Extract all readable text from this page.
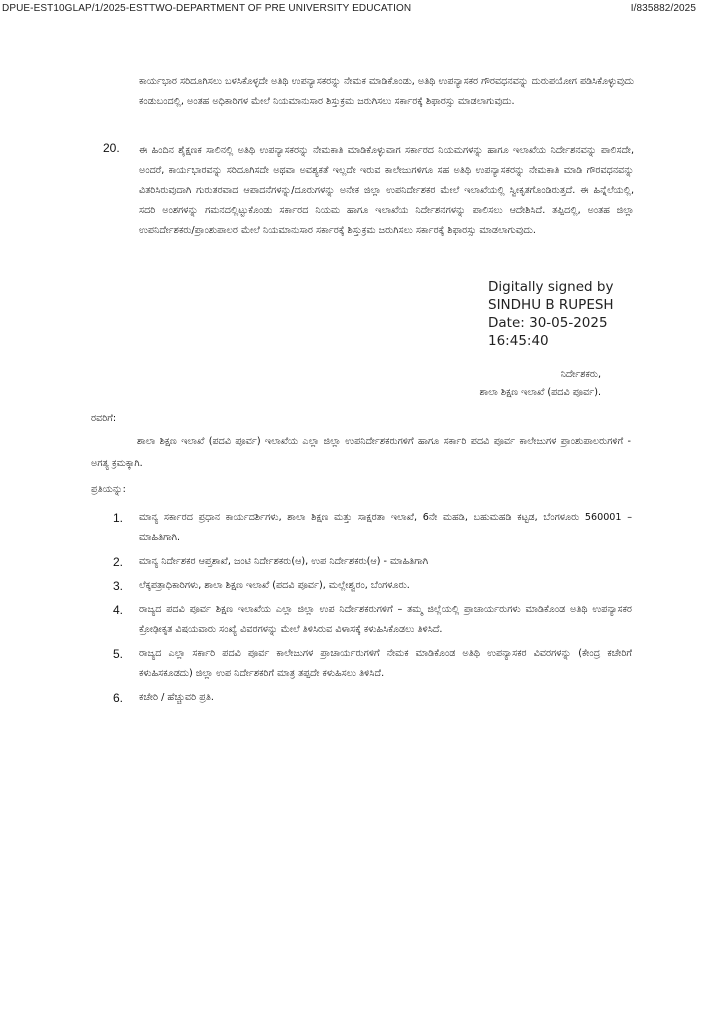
DPUE-EST10GLAP/1/2025-ESTTWO-DEPARTMENT OF PRE UNIVERSITY EDUCATION	I/835882/2025
ಕಾರ್ಯಭಾರ ಸರಿದೂಗಿಸಲು ಬಳಸಿಕೊಳ್ಳದೇ ಅತಿಥಿ ಉಪನ್ಯಾಸಕರನ್ನು ನೇಮಕ ಮಾಡಿಕೊಂಡು, ಅತಿಥಿ ಉಪನ್ಯಾಸಕರ ಗೌರವಧನವನ್ನು ದುರುಪಯೋಗ ಪಡಿಸಿಕೊಳ್ಳುವುದು ಕಂಡುಬಂದಲ್ಲಿ, ಅಂತಹ ಅಧಿಕಾರಿಗಳ ಮೇಲೆ ನಿಯಮಾನುಸಾರ ಶಿಸ್ತುಕ್ರಮ ಜರುಗಿಸಲು ಸರ್ಕಾರಕ್ಕೆ ಶಿಫಾರಸ್ಸು ಮಾಡಲಾಗುವುದು.
20. ಈ ಹಿಂದಿನ ಶೈಕ್ಷಣಕ ಸಾಲಿನಲ್ಲಿ ಅತಿಥಿ ಉಪನ್ಯಾಸಕರನ್ನು ನೇಮಕಾತಿ ಮಾಡಿಕೊಳ್ಳುವಾಗ ಸರ್ಕಾರದ ನಿಯಮಗಳನ್ನು ಹಾಗೂ ಇಲಾಖೆಯ ನಿರ್ದೇಶನವನ್ನು ಪಾಲಿಸದೇ, ಅಂದರೆ, ಕಾರ್ಯಭಾರವನ್ನು ಸರಿದೂಗಿಸದೇ ಅಥವಾ ಅವಶ್ಯಕತೆ ಇಲ್ಲದೇ ಇರುವ ಕಾಲೇಜುಗಳಿಗೂ ಸಹ ಅತಿಥಿ ಉಪನ್ಯಾಸಕರನ್ನು ನೇಮಕಾತಿ ಮಾಡಿ ಗೌರವಧನವನ್ನು ವಿತರಿಸಿರುವುದಾಗಿ ಗುರುತರವಾದ ಆಪಾದನೆಗಳನ್ನು/ದೂರುಗಳನ್ನು ಅನೇಕ ಜಿಲ್ಲಾ ಉಪನಿರ್ದೇಶಕರ ಮೇಲೆ ಇಲಾಖೆಯಲ್ಲಿ ಸ್ವೀಕೃತಗೊಂಡಿರುತ್ತದೆ. ಈ ಹಿನ್ನೆಲೆಯಲ್ಲಿ, ಸದರಿ ಅಂಶಗಳನ್ನು ಗಮನದಲ್ಲಿಟ್ಟುಕೊಂಡು ಸರ್ಕಾರದ ನಿಯಮ ಹಾಗೂ ಇಲಾಖೆಯ ನಿರ್ದೇಶನಗಳನ್ನು ಪಾಲಿಸಲು ಆದೇಶಿಸಿದೆ. ತಪ್ಪಿದಲ್ಲಿ, ಅಂತಹ ಜಿಲ್ಲಾ ಉಪನಿರ್ದೇಶಕರು/ಪ್ರಾಂಶುಪಾಲರ ಮೇಲೆ ನಿಯಮಾನುಸಾರ ಸರ್ಕಾರಕ್ಕೆ ಶಿಸ್ತುಕ್ರಮ ಜರುಗಿಸಲು ಸರ್ಕಾರಕ್ಕೆ ಶಿಫಾರಸ್ಸು ಮಾಡಲಾಗುವುದು.
Digitally signed by
SINDHU B RUPESH
Date: 30-05-2025
16:45:40
ನಿರ್ದೇಶಕರು,
ಶಾಲಾ ಶಿಕ್ಷಣ ಇಲಾಖೆ (ಪದವಿ ಪೂರ್ವ).
ರವರಿಗೆ:
ಶಾಲಾ ಶಿಕ್ಷಣ ಇಲಾಖೆ (ಪದವಿ ಪೂರ್ವ) ಇಲಾಖೆಯ ಎಲ್ಲಾ ಜಿಲ್ಲಾ ಉಪನಿರ್ದೇಶಕರುಗಳಿಗೆ ಹಾಗೂ ಸರ್ಕಾರಿ ಪದವಿ ಪೂರ್ವ ಕಾಲೇಜುಗಳ ಪ್ರಾಂಶುಪಾಲರುಗಳಿಗೆ - ಅಗತ್ಯ ಕ್ರಮಕ್ಕಾಗಿ.
ಪ್ರತಿಯನ್ನು:
1. ಮಾನ್ಯ ಸರ್ಕಾರದ ಪ್ರಧಾನ ಕಾರ್ಯದರ್ಶಿಗಳು, ಶಾಲಾ ಶಿಕ್ಷಣ ಮತ್ತು ಸಾಕ್ಷರತಾ ಇಲಾಖೆ, 6ನೇ ಮಹಡಿ, ಬಹುಮಹಡಿ ಕಟ್ಟಡ, ಬೆಂಗಳೂರು 560001 – ಮಾಹಿತಿಗಾಗಿ.
2. ಮಾನ್ಯ ನಿರ್ದೇಶಕರ ಆಪ್ತಶಾಖೆ, ಜಂಟಿ ನಿರ್ದೇಶಕರು(ಆ), ಉಪ ನಿರ್ದೇಶಕರು(ಆ) - ಮಾಹಿತಿಗಾಗಿ
3. ಲೆಕ್ಕಪತ್ರಾಧಿಕಾರಿಗಳು, ಶಾಲಾ ಶಿಕ್ಷಣ ಇಲಾಖೆ (ಪದವಿ ಪೂರ್ವ), ಮಲ್ಲೇಶ್ವರಂ, ಬೆಂಗಳೂರು.
4. ರಾಜ್ಯದ ಪದವಿ ಪೂರ್ವ ಶಿಕ್ಷಣ ಇಲಾಖೆಯ ಎಲ್ಲಾ ಜಿಲ್ಲಾ ಉಪ ನಿರ್ದೇಶಕರುಗಳಿಗೆ – ತಮ್ಮ ಜಿಲ್ಲೆಯಲ್ಲಿ ಪ್ರಾಚಾರ್ಯರುಗಳು ಮಾಡಿಕೊಂಡ ಅತಿಥಿ ಉಪನ್ಯಾಸಕರ ಕ್ರೋಢೀಕೃತ ವಿಷಯವಾರು ಸಂಖ್ಯೆ ವಿವರಗಳನ್ನು ಮೇಲೆ ತಿಳಿಸಿರುವ ವಿಳಾಸಕ್ಕೆ ಕಳುಹಿಸಿಕೊಡಲು ತಿಳಿಸಿದೆ.
5. ರಾಜ್ಯದ ಎಲ್ಲಾ ಸರ್ಕಾರಿ ಪದವಿ ಪೂರ್ವ ಕಾಲೇಜುಗಳ ಪ್ರಾಚಾರ್ಯರುಗಳಿಗೆ ನೇಮಕ ಮಾಡಿಕೊಂಡ ಅತಿಥಿ ಉಪನ್ಯಾಸಕರ ವಿವರಗಳನ್ನು (ಕೇಂದ್ರ ಕಚೇರಿಗೆ ಕಳುಹಿಸಕೂಡದು) ಜಿಲ್ಲಾ ಉಪ ನಿರ್ದೇಶಕರಿಗೆ ಮಾತ್ರ ತಪ್ಪದೇ ಕಳುಹಿಸಲು ತಿಳಿಸಿದೆ.
6. ಕಚೇರಿ / ಹೆಚ್ಚುವರಿ ಪ್ರತಿ.
